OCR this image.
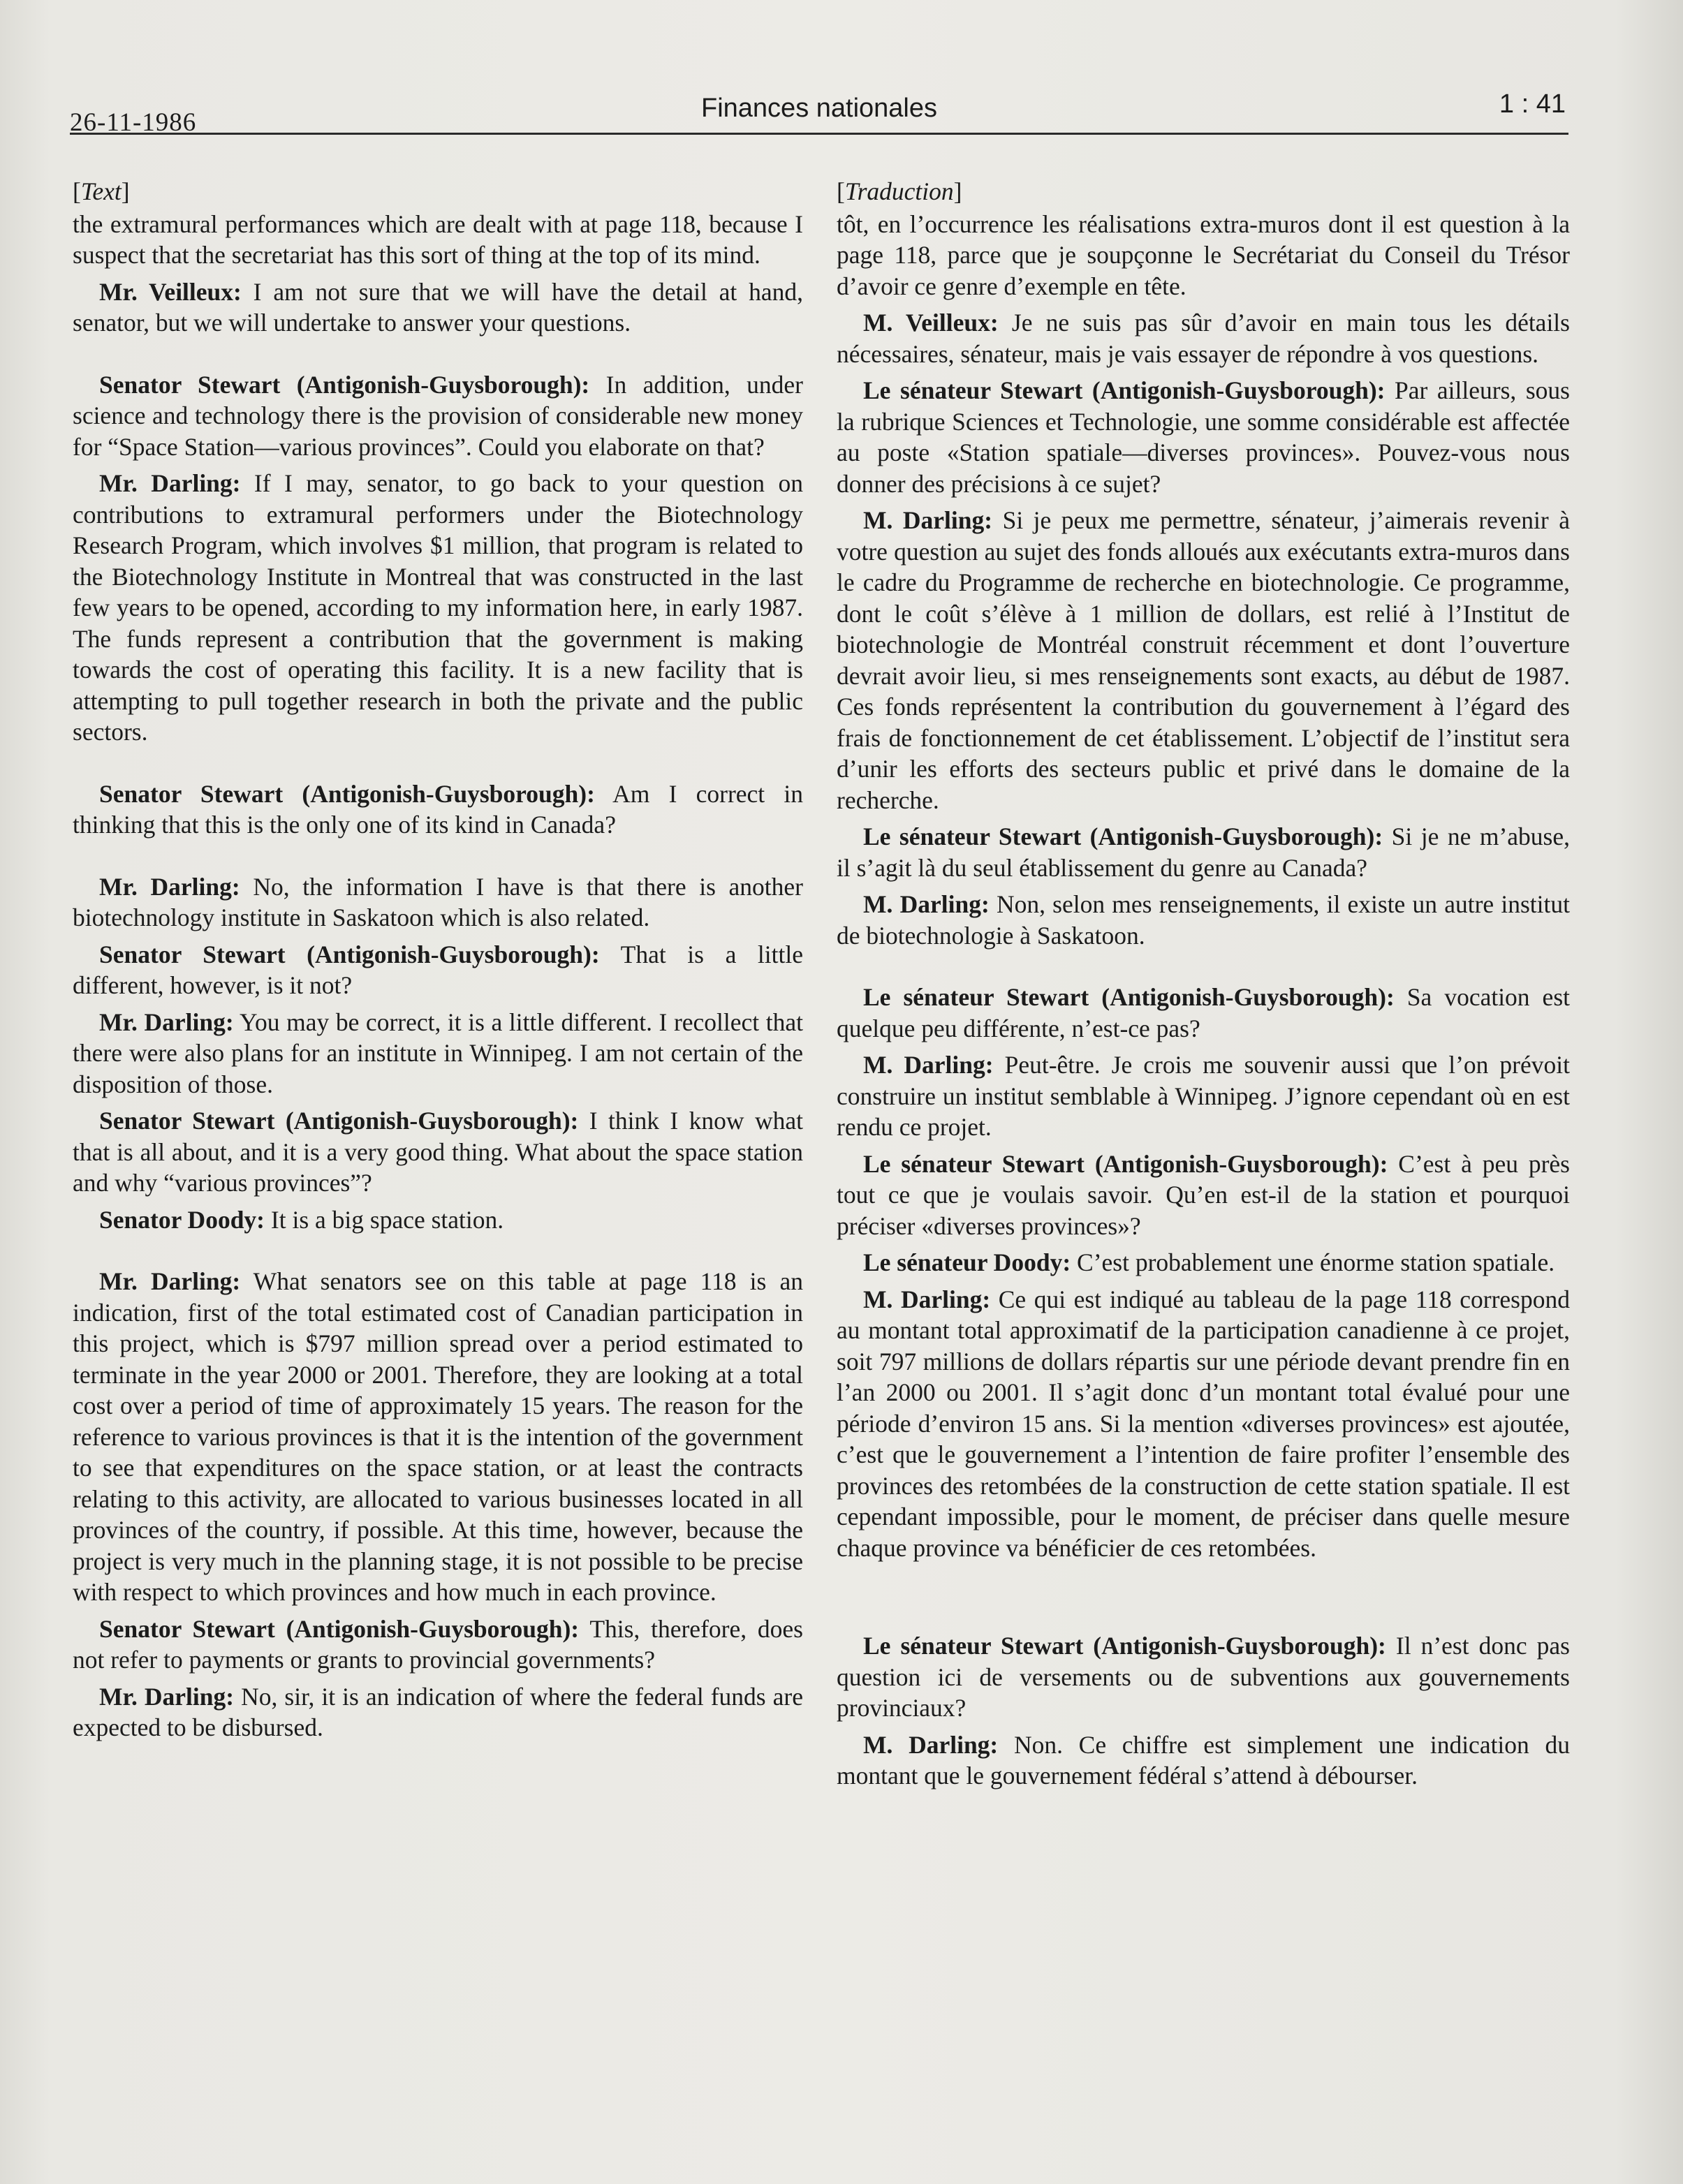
26-11-1986	Finances nationales	1 : 41
[Text]

the extramural performances which are dealt with at page 118, because I suspect that the secretariat has this sort of thing at the top of its mind.

Mr. Veilleux: I am not sure that we will have the detail at hand, senator, but we will undertake to answer your questions.

Senator Stewart (Antigonish-Guysborough): In addition, under science and technology there is the provision of considerable new money for “Space Station—various provinces”. Could you elaborate on that?

Mr. Darling: If I may, senator, to go back to your question on contributions to extramural performers under the Biotechnology Research Program, which involves $1 million, that program is related to the Biotechnology Institute in Montreal that was constructed in the last few years to be opened, according to my information here, in early 1987. The funds represent a contribution that the government is making towards the cost of operating this facility. It is a new facility that is attempting to pull together research in both the private and the public sectors.

Senator Stewart (Antigonish-Guysborough): Am I correct in thinking that this is the only one of its kind in Canada?

Mr. Darling: No, the information I have is that there is another biotechnology institute in Saskatoon which is also related.

Senator Stewart (Antigonish-Guysborough): That is a little different, however, is it not?

Mr. Darling: You may be correct, it is a little different. I recollect that there were also plans for an institute in Winnipeg. I am not certain of the disposition of those.

Senator Stewart (Antigonish-Guysborough): I think I know what that is all about, and it is a very good thing. What about the space station and why “various provinces”?

Senator Doody: It is a big space station.

Mr. Darling: What senators see on this table at page 118 is an indication, first of the total estimated cost of Canadian participation in this project, which is $797 million spread over a period estimated to terminate in the year 2000 or 2001. Therefore, they are looking at a total cost over a period of time of approximately 15 years. The reason for the reference to various provinces is that it is the intention of the government to see that expenditures on the space station, or at least the contracts relating to this activity, are allocated to various businesses located in all provinces of the country, if possible. At this time, however, because the project is very much in the planning stage, it is not possible to be precise with respect to which provinces and how much in each province.

Senator Stewart (Antigonish-Guysborough): This, therefore, does not refer to payments or grants to provincial governments?

Mr. Darling: No, sir, it is an indication of where the federal funds are expected to be disbursed.

[Traduction]

tôt, en l’occurrence les réalisations extra-muros dont il est question à la page 118, parce que je soupçonne le Secrétariat du Conseil du Trésor d’avoir ce genre d’exemple en tête.

M. Veilleux: Je ne suis pas sûr d’avoir en main tous les détails nécessaires, sénateur, mais je vais essayer de répondre à vos questions.

Le sénateur Stewart (Antigonish-Guysborough): Par ailleurs, sous la rubrique Sciences et Technologie, une somme considérable est affectée au poste «Station spatiale—diverses provinces». Pouvez-vous nous donner des précisions à ce sujet?

M. Darling: Si je peux me permettre, sénateur, j’aimerais revenir à votre question au sujet des fonds alloués aux exécutants extra-muros dans le cadre du Programme de recherche en biotechnologie. Ce programme, dont le coût s’élève à 1 million de dollars, est relié à l’Institut de biotechnologie de Montréal construit récemment et dont l’ouverture devrait avoir lieu, si mes renseignements sont exacts, au début de 1987. Ces fonds représentent la contribution du gouvernement à l’égard des frais de fonctionnement de cet établissement. L’objectif de l’institut sera d’unir les efforts des secteurs public et privé dans le domaine de la recherche.

Le sénateur Stewart (Antigonish-Guysborough): Si je ne m’abuse, il s’agit là du seul établissement du genre au Canada?

M. Darling: Non, selon mes renseignements, il existe un autre institut de biotechnologie à Saskatoon.

Le sénateur Stewart (Antigonish-Guysborough): Sa vocation est quelque peu différente, n’est-ce pas?

M. Darling: Peut-être. Je crois me souvenir aussi que l’on prévoit construire un institut semblable à Winnipeg. J’ignore cependant où en est rendu ce projet.

Le sénateur Stewart (Antigonish-Guysborough): C’est à peu près tout ce que je voulais savoir. Qu’en est-il de la station et pourquoi préciser «diverses provinces»?

Le sénateur Doody: C’est probablement une énorme station spatiale.

M. Darling: Ce qui est indiqué au tableau de la page 118 correspond au montant total approximatif de la participation canadienne à ce projet, soit 797 millions de dollars répartis sur une période devant prendre fin en l’an 2000 ou 2001. Il s’agit donc d’un montant total évalué pour une période d’environ 15 ans. Si la mention «diverses provinces» est ajoutée, c’est que le gouvernement a l’intention de faire profiter l’ensemble des provinces des retombées de la construction de cette station spatiale. Il est cependant impossible, pour le moment, de préciser dans quelle mesure chaque province va bénéficier de ces retombées.

Le sénateur Stewart (Antigonish-Guysborough): Il n’est donc pas question ici de versements ou de subventions aux gouvernements provinciaux?

M. Darling: Non. Ce chiffre est simplement une indication du montant que le gouvernement fédéral s’attend à débourser.
